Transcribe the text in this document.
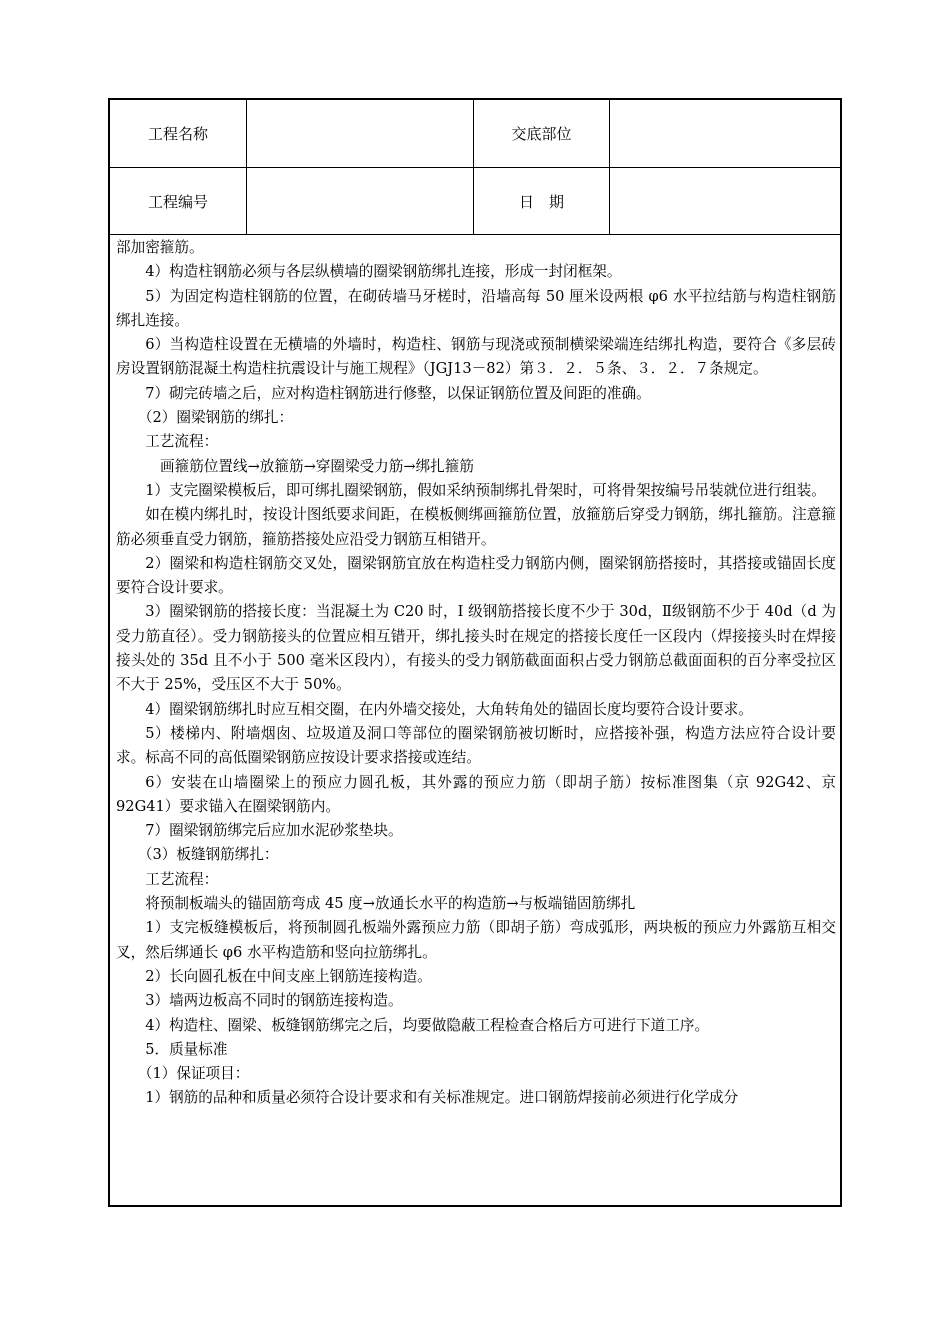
工程名称	交底部位
工程编号	日　期

部加密箍筋。

4）构造柱钢筋必须与各层纵横墙的圈梁钢筋绑扎连接，形成一封闭框架。

5）为固定构造柱钢筋的位置，在砌砖墙马牙槎时，沿墙高每 50 厘米设两根 φ6 水平拉结筋与构造柱钢筋绑扎连接。

6）当构造柱设置在无横墙的外墙时，构造柱、钢筋与现浇或预制横梁梁端连结绑扎构造，要符合《多层砖房设置钢筋混凝土构造柱抗震设计与施工规程》（JGJ13－82）第３．２．５条、３．２．７条规定。

7）砌完砖墙之后，应对构造柱钢筋进行修整，以保证钢筋位置及间距的准确。

（2）圈梁钢筋的绑扎：

工艺流程：

画箍筋位置线→放箍筋→穿圈梁受力筋→绑扎箍筋

1）支完圈梁模板后，即可绑扎圈梁钢筋，假如采纳预制绑扎骨架时，可将骨架按编号吊装就位进行组装。

如在模内绑扎时，按设计图纸要求间距，在模板侧绑画箍筋位置，放箍筋后穿受力钢筋，绑扎箍筋。注意箍筋必须垂直受力钢筋，箍筋搭接处应沿受力钢筋互相错开。

2）圈梁和构造柱钢筋交叉处，圈梁钢筋宜放在构造柱受力钢筋内侧，圈梁钢筋搭接时，其搭接或锚固长度要符合设计要求。

3）圈梁钢筋的搭接长度：当混凝土为 C20 时，I 级钢筋搭接长度不少于 30d，Ⅱ级钢筋不少于 40d（d 为受力筋直径）。受力钢筋接头的位置应相互错开，绑扎接头时在规定的搭接长度任一区段内（焊接接头时在焊接接头处的 35d 且不小于 500 毫米区段内），有接头的受力钢筋截面面积占受力钢筋总截面面积的百分率受拉区不大于 25%，受压区不大于 50%。

4）圈梁钢筋绑扎时应互相交圈，在内外墙交接处，大角转角处的锚固长度均要符合设计要求。

5）楼梯内、附墙烟囱、垃圾道及洞口等部位的圈梁钢筋被切断时，应搭接补强，构造方法应符合设计要求。标高不同的高低圈梁钢筋应按设计要求搭接或连结。

6）安装在山墙圈梁上的预应力圆孔板，其外露的预应力筋（即胡子筋）按标准图集（京 92G42、京 92G41）要求锚入在圈梁钢筋内。

7）圈梁钢筋绑完后应加水泥砂浆垫块。

（3）板缝钢筋绑扎：

工艺流程：

将预制板端头的锚固筋弯成 45 度→放通长水平的构造筋→与板端锚固筋绑扎

1）支完板缝模板后，将预制圆孔板端外露预应力筋（即胡子筋）弯成弧形，两块板的预应力外露筋互相交叉，然后绑通长 φ6 水平构造筋和竖向拉筋绑扎。

2）长向圆孔板在中间支座上钢筋连接构造。

3）墙两边板高不同时的钢筋连接构造。

4）构造柱、圈梁、板缝钢筋绑完之后，均要做隐蔽工程检查合格后方可进行下道工序。

5．质量标准

（1）保证项目：

1）钢筋的品种和质量必须符合设计要求和有关标准规定。进口钢筋焊接前必须进行化学成分
